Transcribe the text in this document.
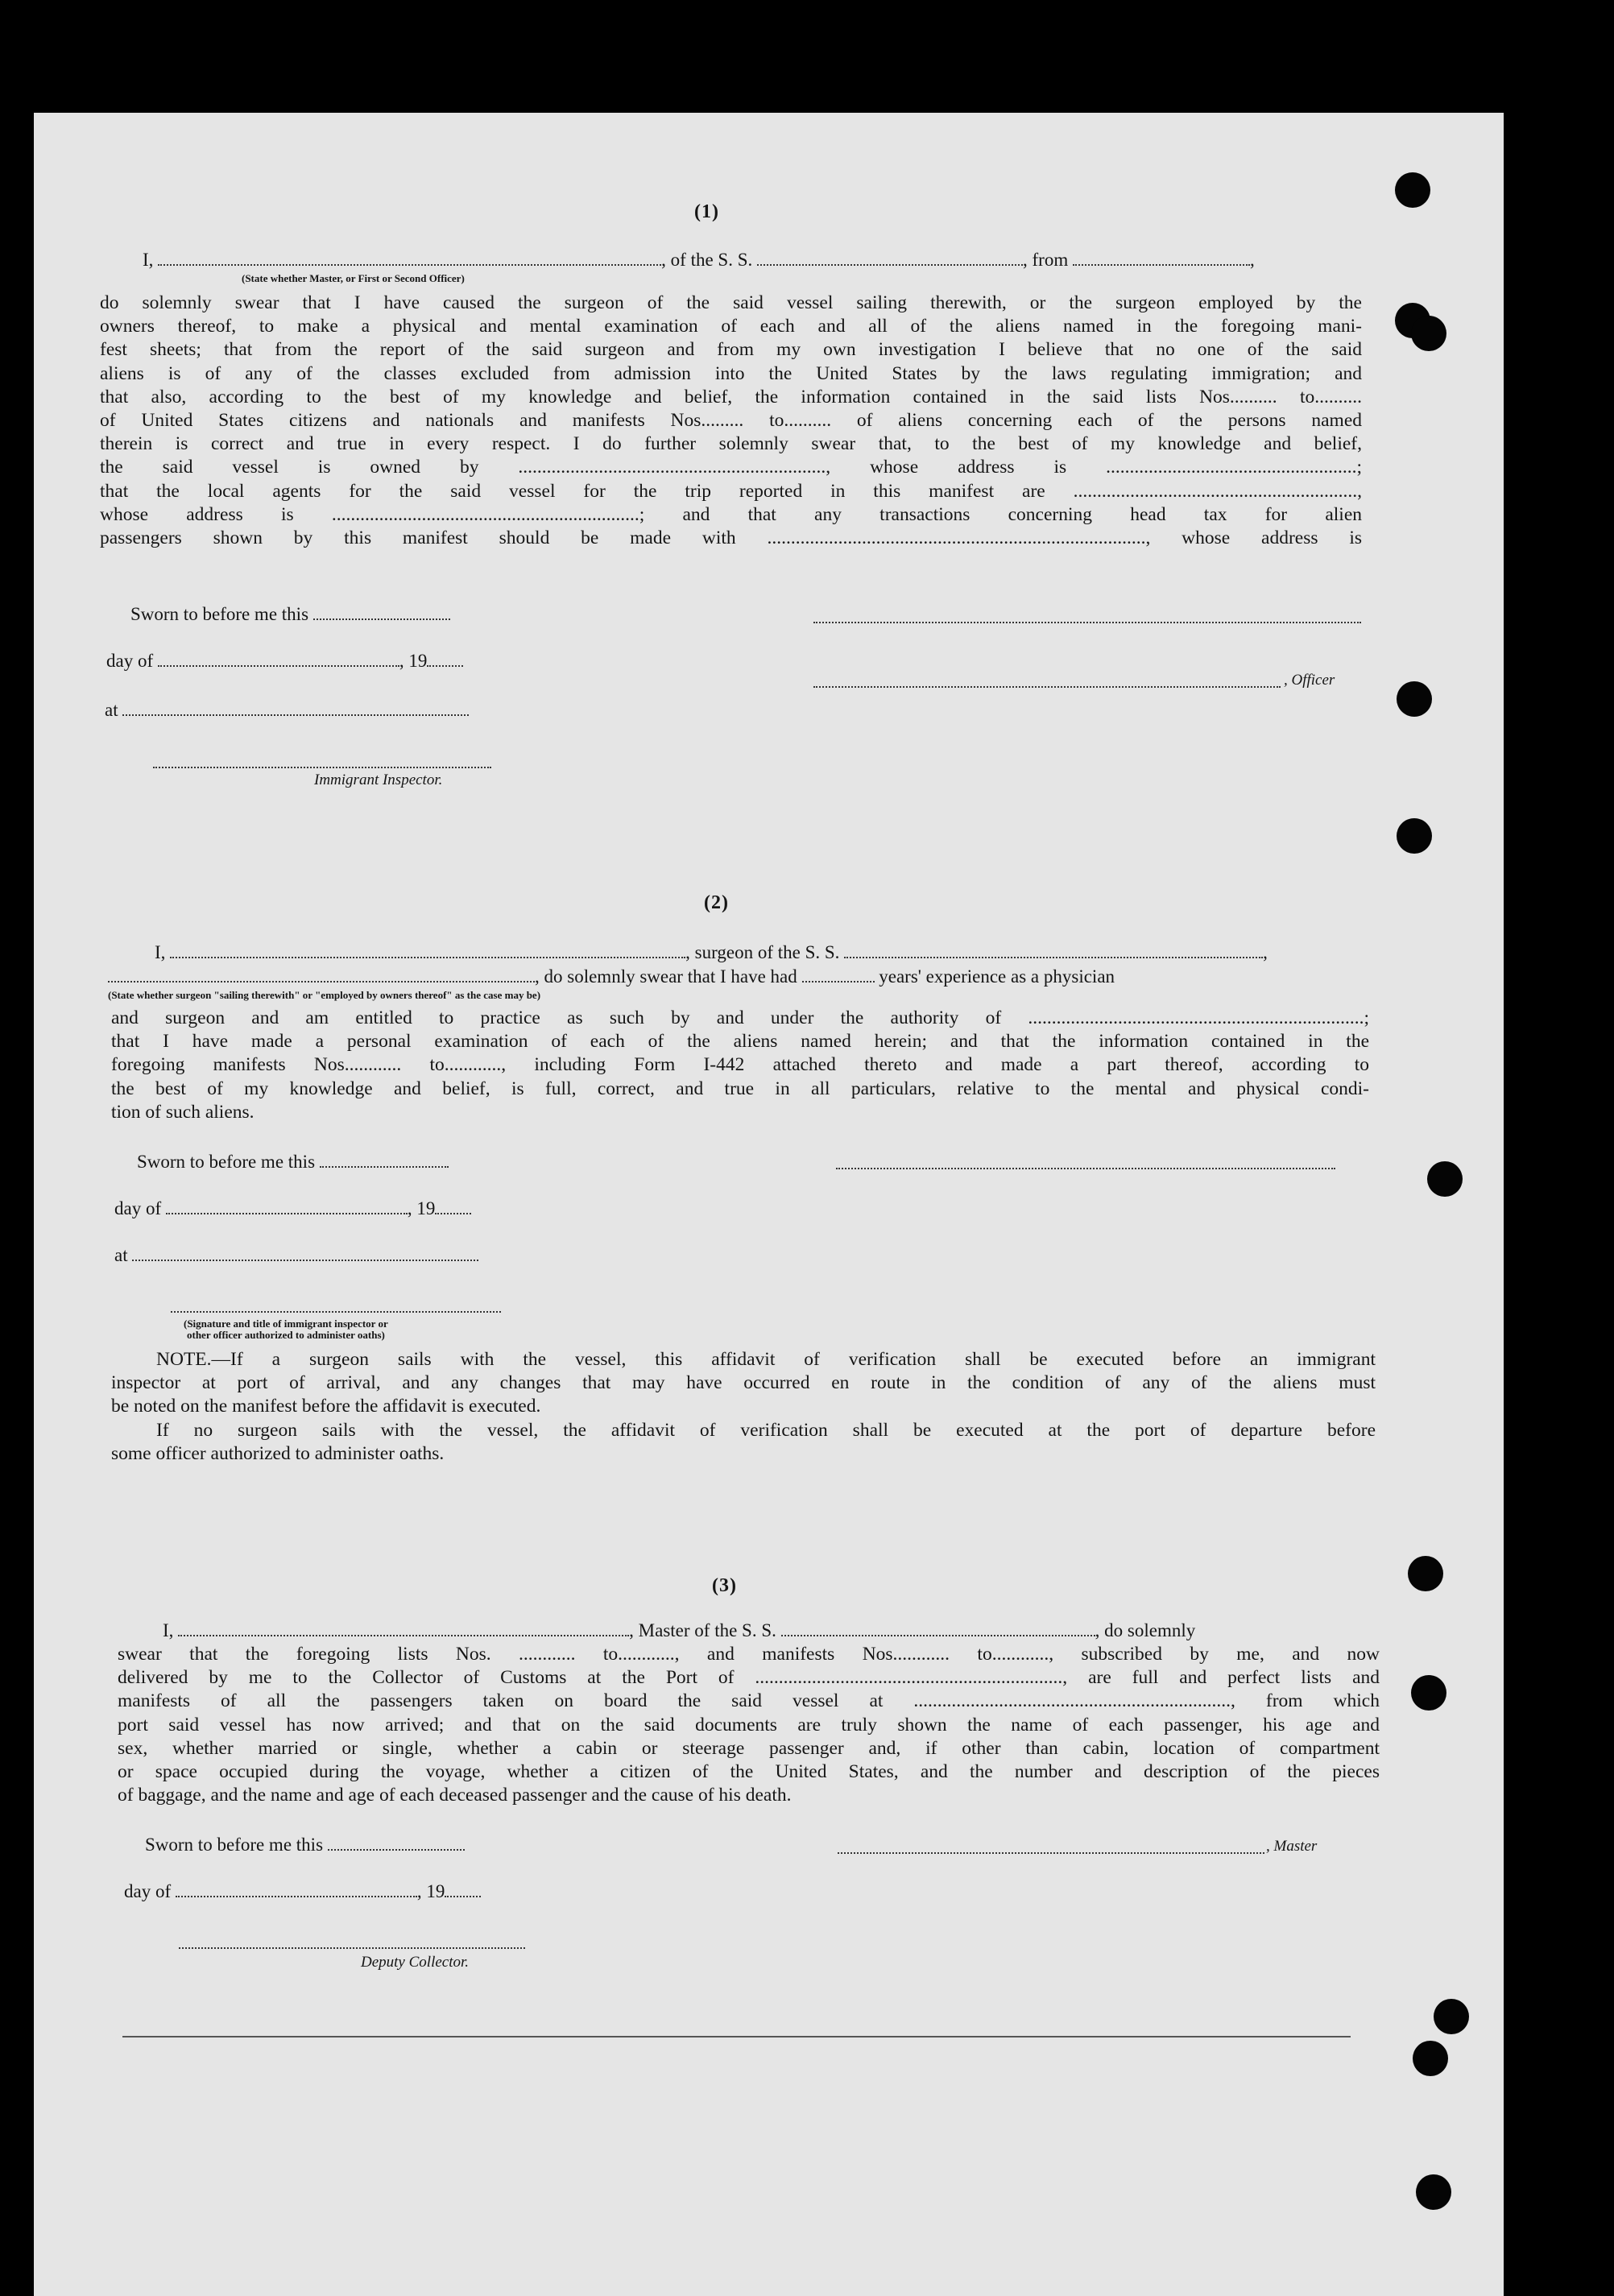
(1)
I,	, of the S. S.	, from	,
(State whether Master, or First or Second Officer)

do solemnly swear that I have caused the surgeon of the said vessel sailing therewith, or the surgeon employed by the

owners thereof, to make a physical and mental examination of each and all of the aliens named in the foregoing mani-

fest sheets; that from the report of the said surgeon and from my own investigation I believe that no one of the said

aliens is of any of the classes excluded from admission into the United States by the laws regulating immigration; and

that also, according to the best of my knowledge and belief, the information contained in the said lists Nos.......... to..........

of United States citizens and nationals and manifests Nos......... to.......... of aliens concerning each of the persons named

therein is correct and true in every respect. I do further solemnly swear that, to the best of my knowledge and belief,

the said vessel is owned by ................................................................., whose address is .....................................................;

that the local agents for the said vessel for the trip reported in this manifest are ............................................................,

whose address is .................................................................; and that any transactions concerning head tax for alien

passengers shown by this manifest should be made with ................................................................................, whose address is

Sworn to before me this
day of	, 19
, Officer
at
Immigrant Inspector.
(2)
I,	, surgeon of the S. S.	,
, do solemnly swear that I have had	years' experience as a physician
(State whether surgeon "sailing therewith" or "employed by owners thereof" as the case may be)

and surgeon and am entitled to practice as such by and under the authority of .......................................................................;

that I have made a personal examination of each of the aliens named herein; and that the information contained in the

foregoing manifests Nos............ to............, including Form I-442 attached thereto and made a part thereof, according to

the best of my knowledge and belief, is full, correct, and true in all particulars, relative to the mental and physical condi-

tion of such aliens.

Sworn to before me this
day of	, 19
at
(Signature and title of immigrant inspector or
other officer authorized to administer oaths)

NOTE.—If a surgeon sails with the vessel, this affidavit of verification shall be executed before an immigrant

inspector at port of arrival, and any changes that may have occurred en route in the condition of any of the aliens must

be noted on the manifest before the affidavit is executed.

If no surgeon sails with the vessel, the affidavit of verification shall be executed at the port of departure before

some officer authorized to administer oaths.

(3)
I,	, Master of the S. S.	, do solemnly

swear that the foregoing lists Nos. ............ to............, and manifests Nos............ to............, subscribed by me, and now

delivered by me to the Collector of Customs at the Port of ................................................................., are full and perfect lists and

manifests of all the passengers taken on board the said vessel at ..................................................................., from which

port said vessel has now arrived; and that on the said documents are truly shown the name of each passenger, his age and

sex, whether married or single, whether a cabin or steerage passenger and, if other than cabin, location of compartment

or space occupied during the voyage, whether a citizen of the United States, and the number and description of the pieces

of baggage, and the name and age of each deceased passenger and the cause of his death.

Sworn to before me this	, Master
day of	, 19
Deputy Collector.
